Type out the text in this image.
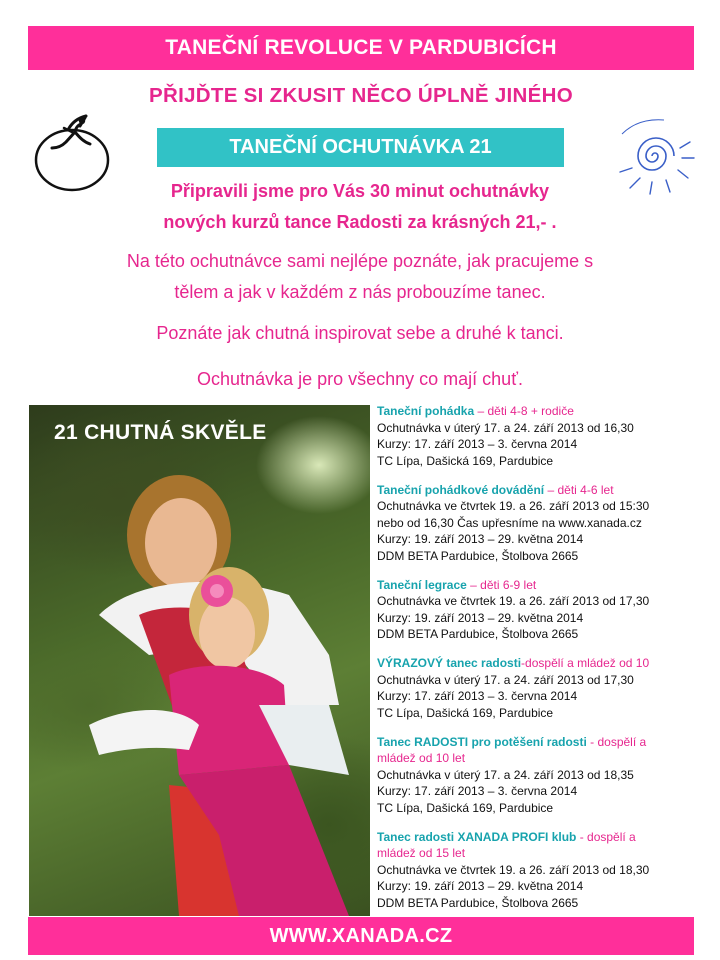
TANEČNÍ REVOLUCE V PARDUBICÍCH
PŘIJĎTE SI ZKUSIT NĚCO ÚPLNĚ JINÉHO
TANEČNÍ OCHUTNÁVKA 21
Připravili jsme pro Vás 30 minut ochutnávky
nových kurzů tance Radosti za krásných 21,- .
Na této ochutnávce sami nejlépe poznáte, jak pracujeme s
tělem a jak v každém z nás probouzíme tanec.
Poznáte jak chutná inspirovat sebe a druhé k tanci.
Ochutnávka je pro všechny co mají chuť.
21 CHUTNÁ SKVĚLE

Taneční pohádka – děti 4-8 + rodiče

Ochutnávka v úterý 17. a 24. září 2013 od 16,30

Kurzy: 17. září 2013 – 3. června 2014

TC Lípa, Dašická 169, Pardubice

Taneční pohádkové dovádění – děti 4-6 let

Ochutnávka ve čtvrtek 19. a 26. září 2013 od 15:30

nebo od 16,30 Čas upřesníme na www.xanada.cz

Kurzy: 19. září 2013 – 29. května 2014

DDM BETA Pardubice, Štolbova 2665

Taneční legrace – děti 6-9 let

Ochutnávka ve čtvrtek 19. a 26. září 2013 od 17,30

Kurzy: 19. září 2013 – 29. května 2014

DDM BETA Pardubice, Štolbova 2665

VÝRAZOVÝ tanec radosti-dospělí a mládež od 10

Ochutnávka v úterý 17. a 24. září 2013 od 17,30

Kurzy: 17. září 2013 – 3. června 2014

TC Lípa, Dašická 169, Pardubice

Tanec RADOSTI pro potěšení radosti - dospělí a

mládež od 10 let

Ochutnávka v úterý 17. a 24. září 2013 od 18,35

Kurzy: 17. září 2013 – 3. června 2014

TC Lípa, Dašická 169, Pardubice

Tanec radosti XANADA PROFI klub - dospělí a

mládež od 15 let

Ochutnávka ve čtvrtek 19. a 26. září 2013 od 18,30

Kurzy: 19. září 2013 – 29. května 2014

DDM BETA Pardubice, Štolbova 2665

WWW.XANADA.CZ
